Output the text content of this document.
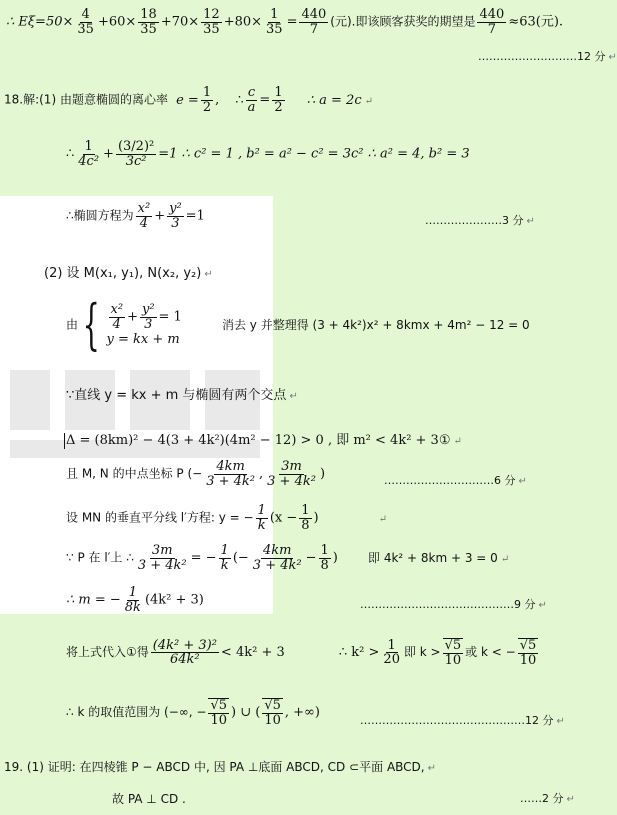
∴ $E\xi=50\times \frac{4}{35} +60\times \frac{18}{35} +70\times \frac{12}{35} +80\times \frac{1}{35} = \frac{440}{7}$ (元).即该顾客获奖的期望是 $\frac{440}{7} \approx 63$(元).
………………………12 分 ↵
18.解:(1) 由题意椭圆的离心率 $e = \frac{1}{2}$ , ∴ $\frac{c}{a} = \frac{1}{2}$ ∴ a = 2c ↵
∴ $\frac{1}{\text{4c²}} + \frac{\text{(3/2)²}}{\text{3c²}} =1$ ∴ c² = 1 , b² = a² − c² = 3c² ∴ a² = 4, b² = 3
∴椭圆方程为 $\frac{\text{x²}}{4} + \frac{\text{y²}}{3} =1$	…………………3 分 ↵
(2) 设 M(x₁, y₁), N(x₂, y₂) ↵
由{ $\frac{\text{x²}}{4} + \frac{\text{y²}}{3} = 1$
y = kx + m
消去 y 并整理得 (3 + 4k²)x² + 8kmx + 4m² − 12 = 0
∵直线 y = kx + m 与椭圆有两个交点 ↵
Δ = (8km)² − 4(3 + 4k²)(4m² − 12) > 0 , 即 m² < 4k² + 3① ↵
且 M, N 的中点坐标 P (− $\frac{4km}{\text{3 + 4k²}}$ , $\frac{3m}{\text{3 + 4k²}}$ )	…………………………6 分 ↵
设 MN 的垂直平分线 l′方程: y = − $\frac{1}{k} (x - \frac{1}{8}$ )	↵
∵ P 在 l′上 ∴ $\frac{3m}{\text{3 + 4k²}}$ = − $\frac{1}{k}$ (− $\frac{4km}{\text{3 + 4k²}} - \frac{1}{8}$ )	即 4k² + 8km + 3 = 0 ↵
∴ m = − $\frac{1}{8k} (4k^2 + 3)$	……………………………………9 分 ↵
将上式代入①得 $\frac{\text{(4k² + 3)²}}{\text{64k²}} < 4k^2 + 3$	∴ $k^2 > \frac{1}{20}$ 即 $k > \frac{√5}{10}$ 或 k < − $\frac{√5}{10}$
∴ k 的取值范围为 (−∞, − $\frac{√5}{10}$ ) ∪ ( $\frac{√5}{10}$ , +∞)
………………………………………12 分 ↵
19. (1) 证明: 在四棱锥 P − ABCD 中, 因 PA ⊥底面 ABCD, CD ⊂平面 ABCD, ↵
故 PA ⊥ CD .	……2 分 ↵
